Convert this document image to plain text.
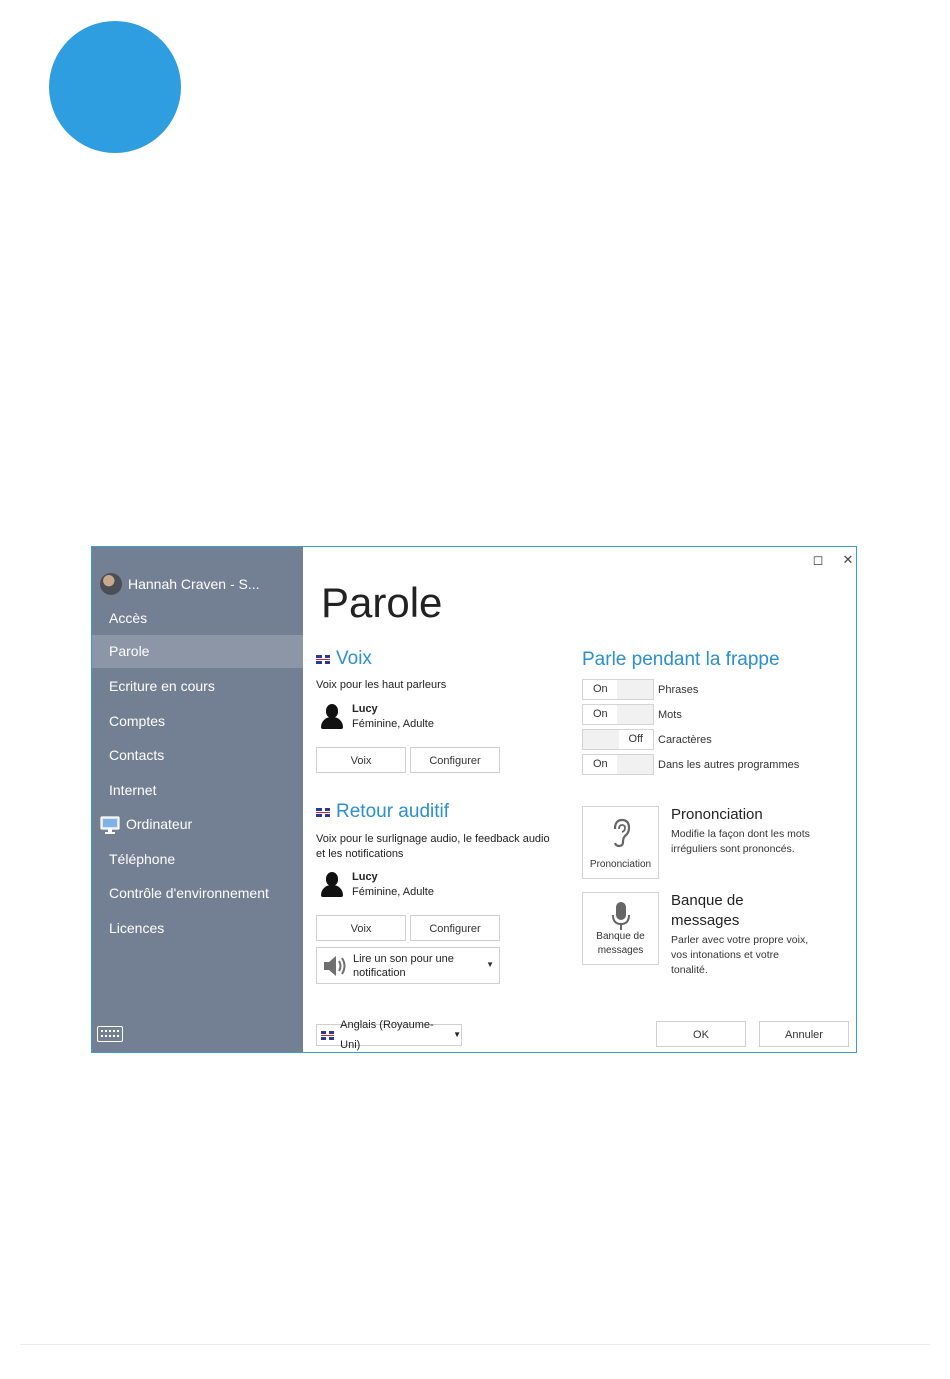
Hannah Craven - S...
Accès
Parole
Ecriture en cours
Comptes
Contacts
Internet
Ordinateur
Téléphone
Contrôle d'environnement
Licences
◻ ✕
Parole
Voix
Voix pour les haut parleurs
Lucy
Féminine, Adulte
Voix	Configurer
Retour auditif
Voix pour le surlignage audio, le feedback audio
et les notifications
Lucy
Féminine, Adulte
Voix	Configurer
Lire un son pour une
notification
▼
Parle pendant la frappe
On	Phrases
On	Mots
Off Caractères
On	Dans les autres programmes
Prononciation
Prononciation
Modifie la façon dont les mots
irréguliers sont prononcés.
Banque de
messages
Banque de
messages
Parler avec votre propre voix,
vos intonations et votre
tonalité.
Anglais (Royaume-Uni)
▼	OK	Annuler
